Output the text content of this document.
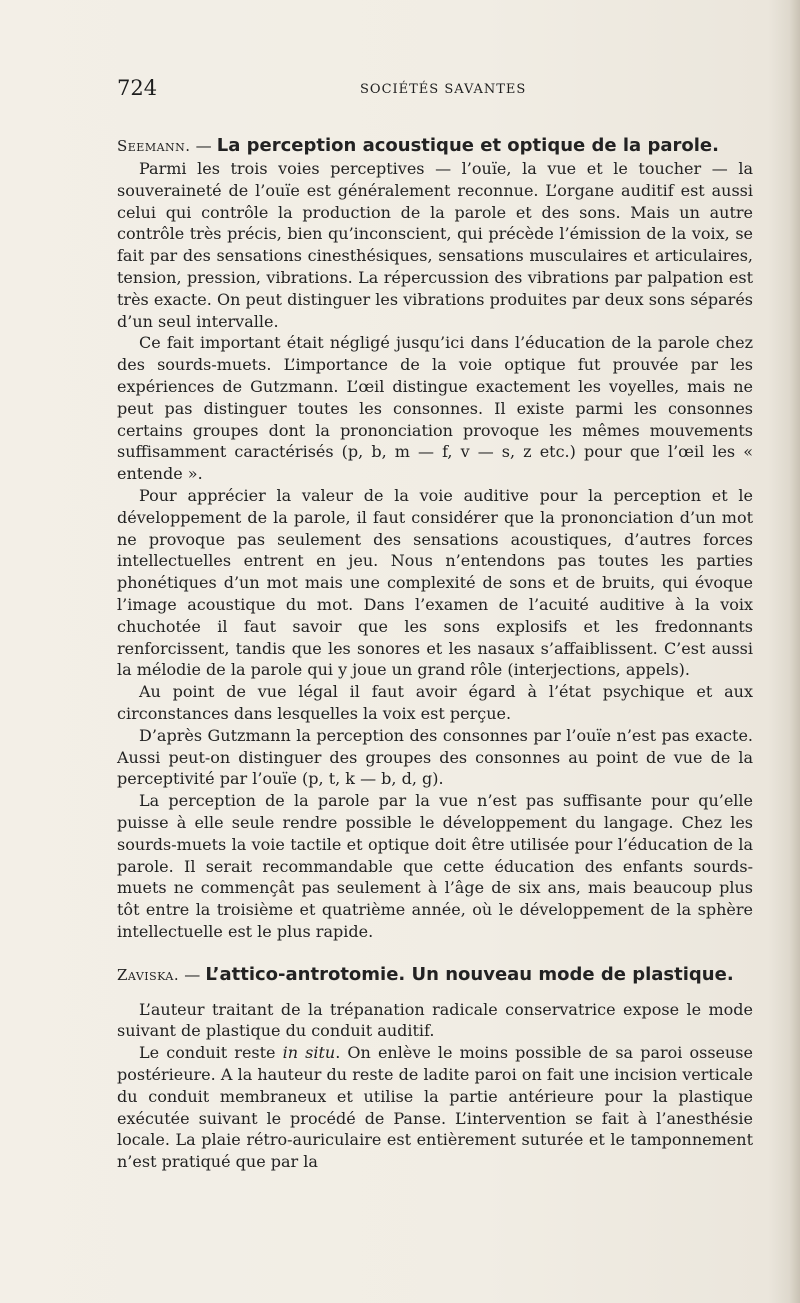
724	SOCIÉTÉS SAVANTES

Seemann. — La perception acoustique et optique de la parole.

Parmi les trois voies perceptives — l’ouïe, la vue et le toucher — la souveraineté de l’ouïe est généralement reconnue. L’organe auditif est aussi celui qui contrôle la production de la parole et des sons. Mais un autre contrôle très précis, bien qu’inconscient, qui précède l’émission de la voix, se fait par des sensations cinesthésiques, sensations musculaires et articulaires, tension, pression, vibrations. La répercussion des vibrations par palpation est très exacte. On peut distinguer les vibrations produites par deux sons séparés d’un seul intervalle.

Ce fait important était négligé jusqu’ici dans l’éducation de la parole chez des sourds-muets. L’importance de la voie optique fut prouvée par les expériences de Gutzmann. L’œil distingue exactement les voyelles, mais ne peut pas distinguer toutes les consonnes. Il existe parmi les consonnes certains groupes dont la prononciation provoque les mêmes mouvements suffisamment caractérisés (p, b, m — f, v — s, z etc.) pour que l’œil les « entende ».

Pour apprécier la valeur de la voie auditive pour la perception et le développement de la parole, il faut considérer que la prononciation d’un mot ne provoque pas seulement des sensations acoustiques, d’autres forces intellectuelles entrent en jeu. Nous n’entendons pas toutes les parties phonétiques d’un mot mais une complexité de sons et de bruits, qui évoque l’image acoustique du mot. Dans l’examen de l’acuité auditive à la voix chuchotée il faut savoir que les sons explosifs et les fredonnants renforcissent, tandis que les sonores et les nasaux s’affaiblissent. C’est aussi la mélodie de la parole qui y joue un grand rôle (interjections, appels).

Au point de vue légal il faut avoir égard à l’état psychique et aux circonstances dans lesquelles la voix est perçue.

D’après Gutzmann la perception des consonnes par l’ouïe n’est pas exacte. Aussi peut-on distinguer des groupes des consonnes au point de vue de la perceptivité par l’ouïe (p, t, k — b, d, g).

La perception de la parole par la vue n’est pas suffisante pour qu’elle puisse à elle seule rendre possible le développement du langage. Chez les sourds-muets la voie tactile et optique doit être utilisée pour l’éducation de la parole. Il serait recommandable que cette éducation des enfants sourds-muets ne commençât pas seulement à l’âge de six ans, mais beaucoup plus tôt entre la troisième et quatrième année, où le développement de la sphère intellectuelle est le plus rapide.

Zaviska. — L’attico-antrotomie. Un nouveau mode de plastique.

L’auteur traitant de la trépanation radicale conservatrice expose le mode suivant de plastique du conduit auditif.

Le conduit reste in situ. On enlève le moins possible de sa paroi osseuse postérieure. A la hauteur du reste de ladite paroi on fait une incision verticale du conduit membraneux et utilise la partie antérieure pour la plastique exécutée suivant le procédé de Panse. L’intervention se fait à l’anesthésie locale. La plaie rétro-auriculaire est entièrement suturée et le tamponnement n’est pratiqué que par la
